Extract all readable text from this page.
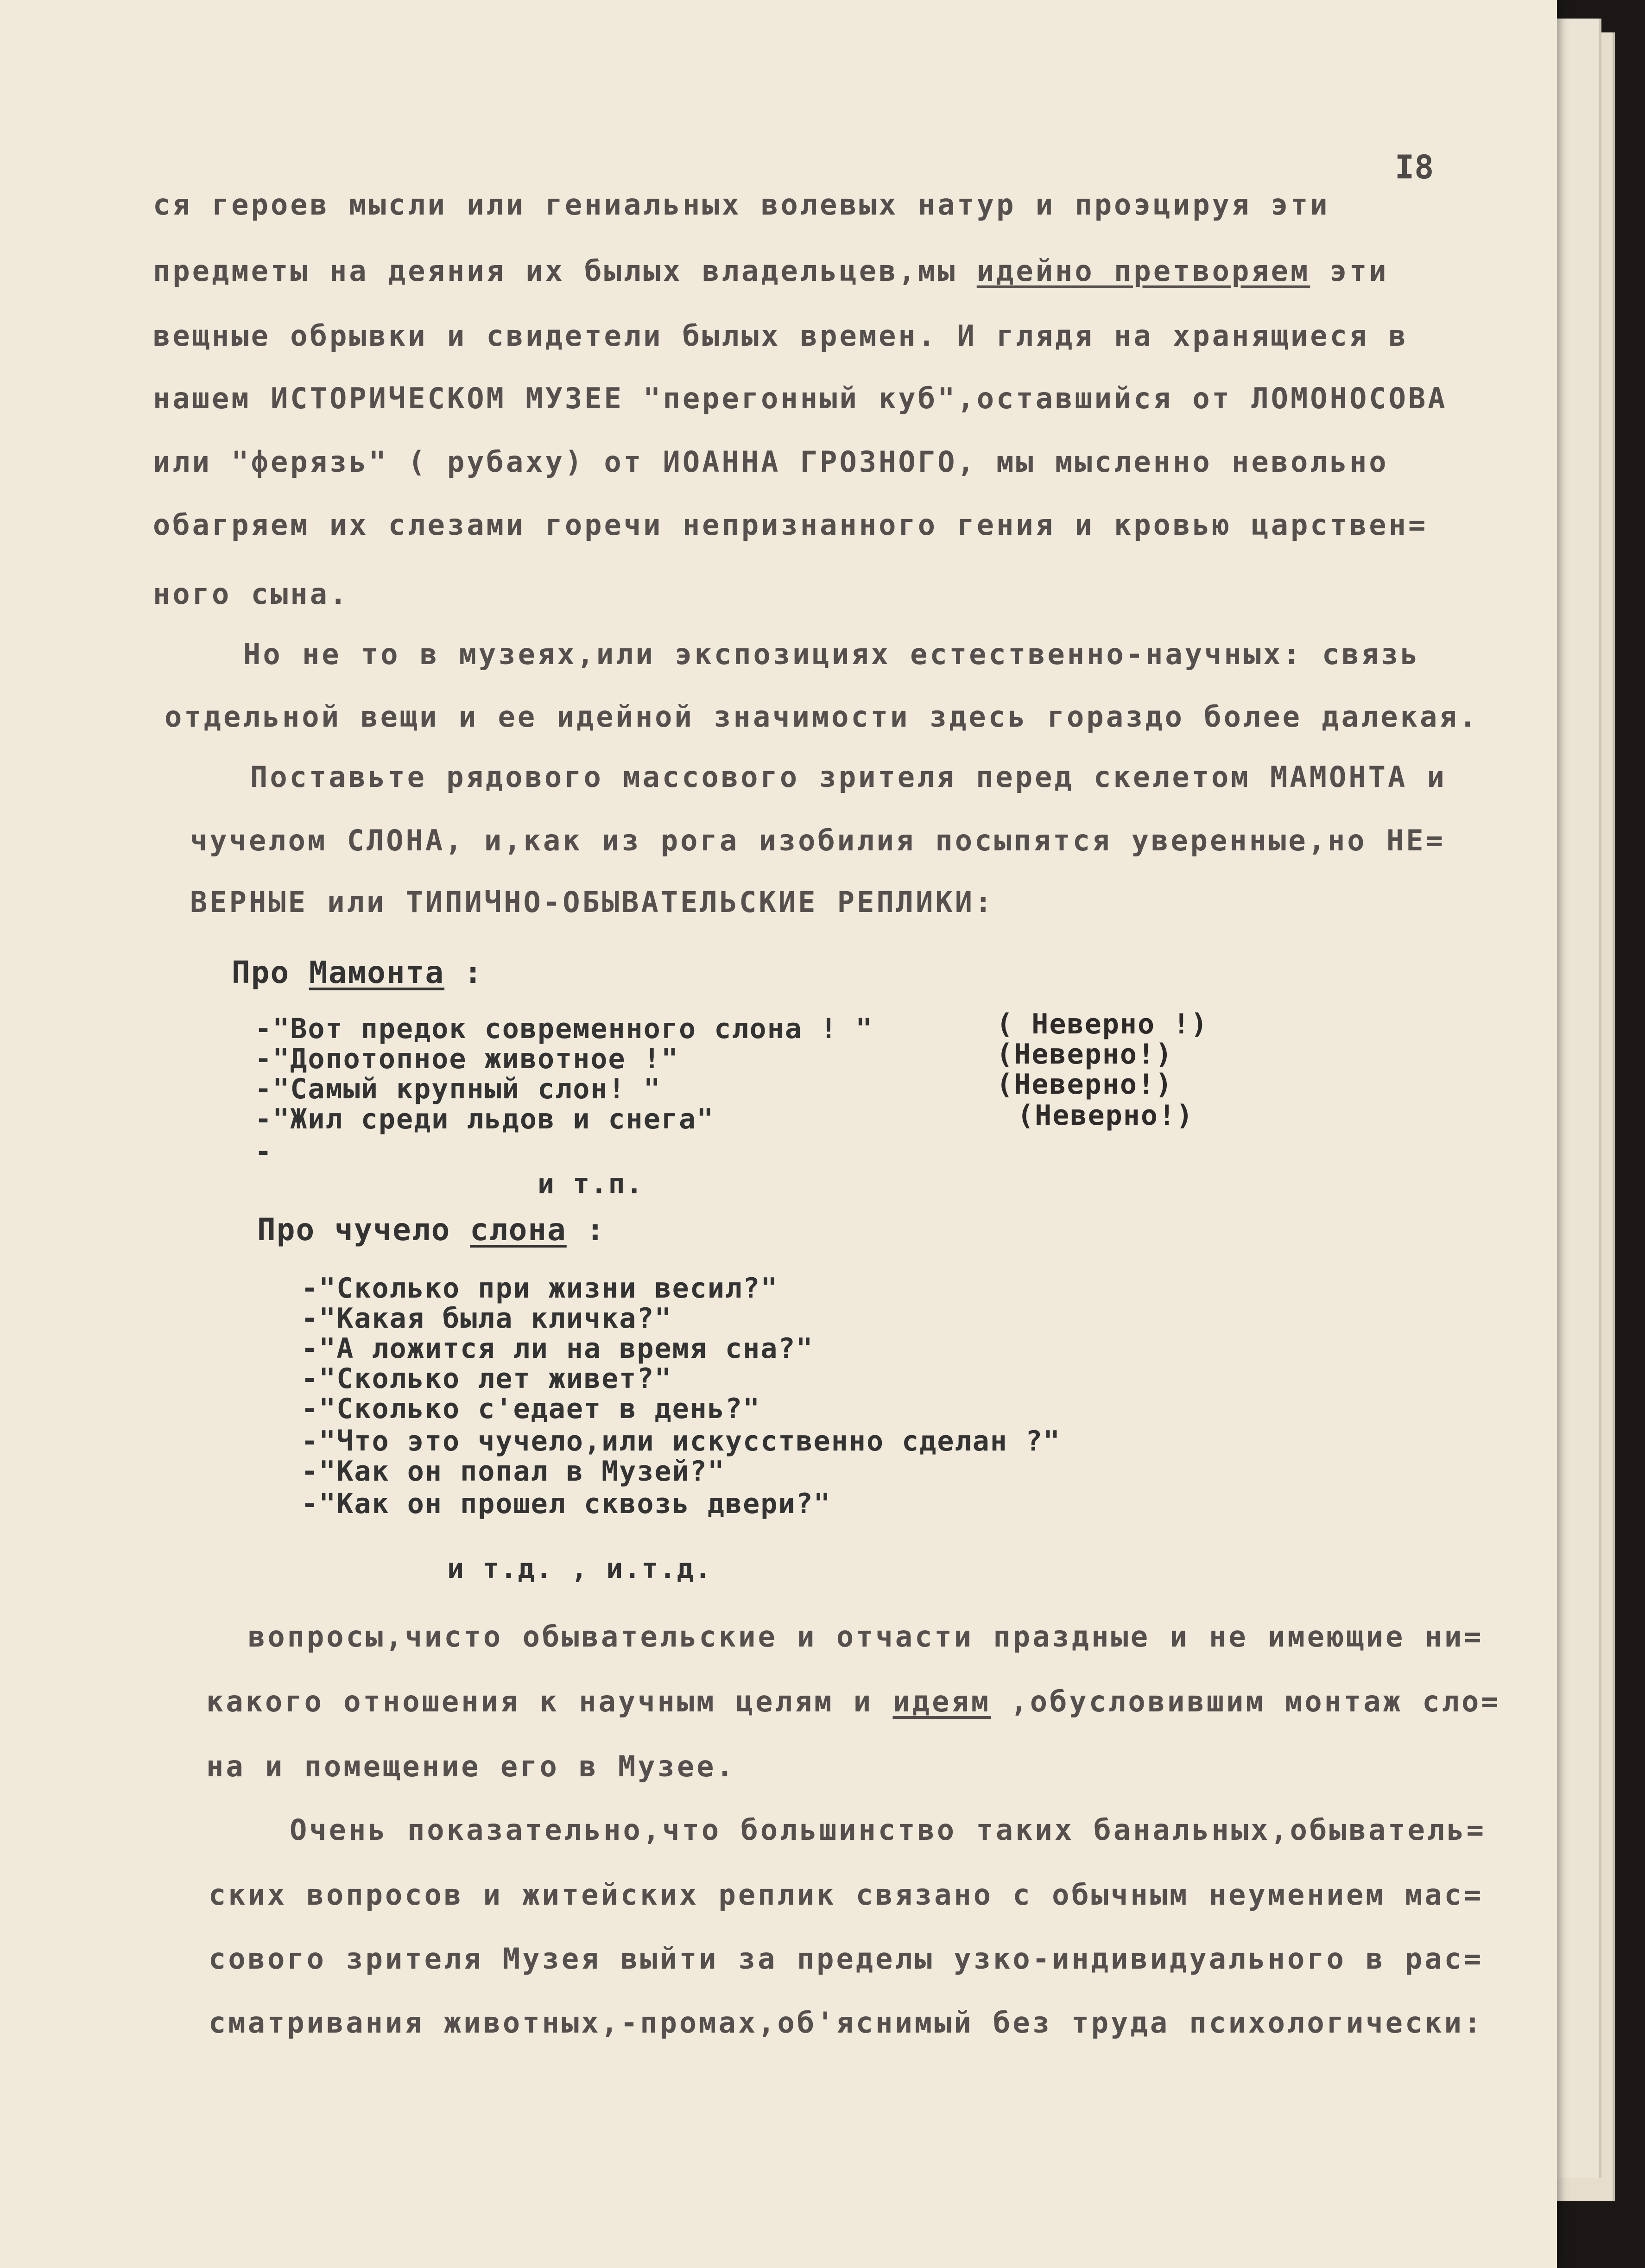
I8
ся героев мысли или гениальных волевых натур и проэцируя эти
предметы на деяния их былых владельцев,мы идейно претворяем эти
вещные обрывки и свидетели былых времен. И глядя на хранящиеся в
нашем ИСТОРИЧЕСКОМ МУЗЕЕ "перегонный куб",оставшийся от ЛОМОНОСОВА
или "ферязь" ( рубаху) от ИОАННА ГРОЗНОГО, мы мысленно невольно
обагряем их слезами горечи непризнанного гения и кровью царствен=
ного сына.
Но не то в музеях,или экспозициях естественно-научных: связь
отдельной вещи и ее идейной значимости здесь гораздо более далекая.
Поставьте рядового массового зрителя перед скелетом МАМОНТА и
чучелом СЛОНА, и,как из рога изобилия посыпятся уверенные,но НЕ=
ВЕРНЫЕ или ТИПИЧНО-ОБЫВАТЕЛЬСКИЕ РЕПЛИКИ:
Про Мамонта :
-"Вот предок современного слона ! "
-"Допотопное животное !"
-"Самый крупный слон! "
-"Жил среди льдов и снега"
-
( Неверно !)
(Неверно!)
(Неверно!)
(Неверно!)
и т.п.
Про чучело слона :
-"Сколько при жизни весил?"
-"Какая была кличка?"
-"А ложится ли на время сна?"
-"Сколько лет живет?"
-"Сколько с'едает в день?"
-"Что это чучело,или искусственно сделан ?"
-"Как он попал в Музей?"
-"Как он прошел сквозь двери?"
и т.д. , и.т.д.
вопросы,чисто обывательские и отчасти праздные и не имеющие ни=
какого отношения к научным целям и идеям ,обусловившим монтаж сло=
на и помещение его в Музее.
Очень показательно,что большинство таких банальных,обыватель=
ских вопросов и житейских реплик связано с обычным неумением мас=
сового зрителя Музея выйти за пределы узко-индивидуального в рас=
сматривания животных,-промах,об'яснимый без труда психологически:
